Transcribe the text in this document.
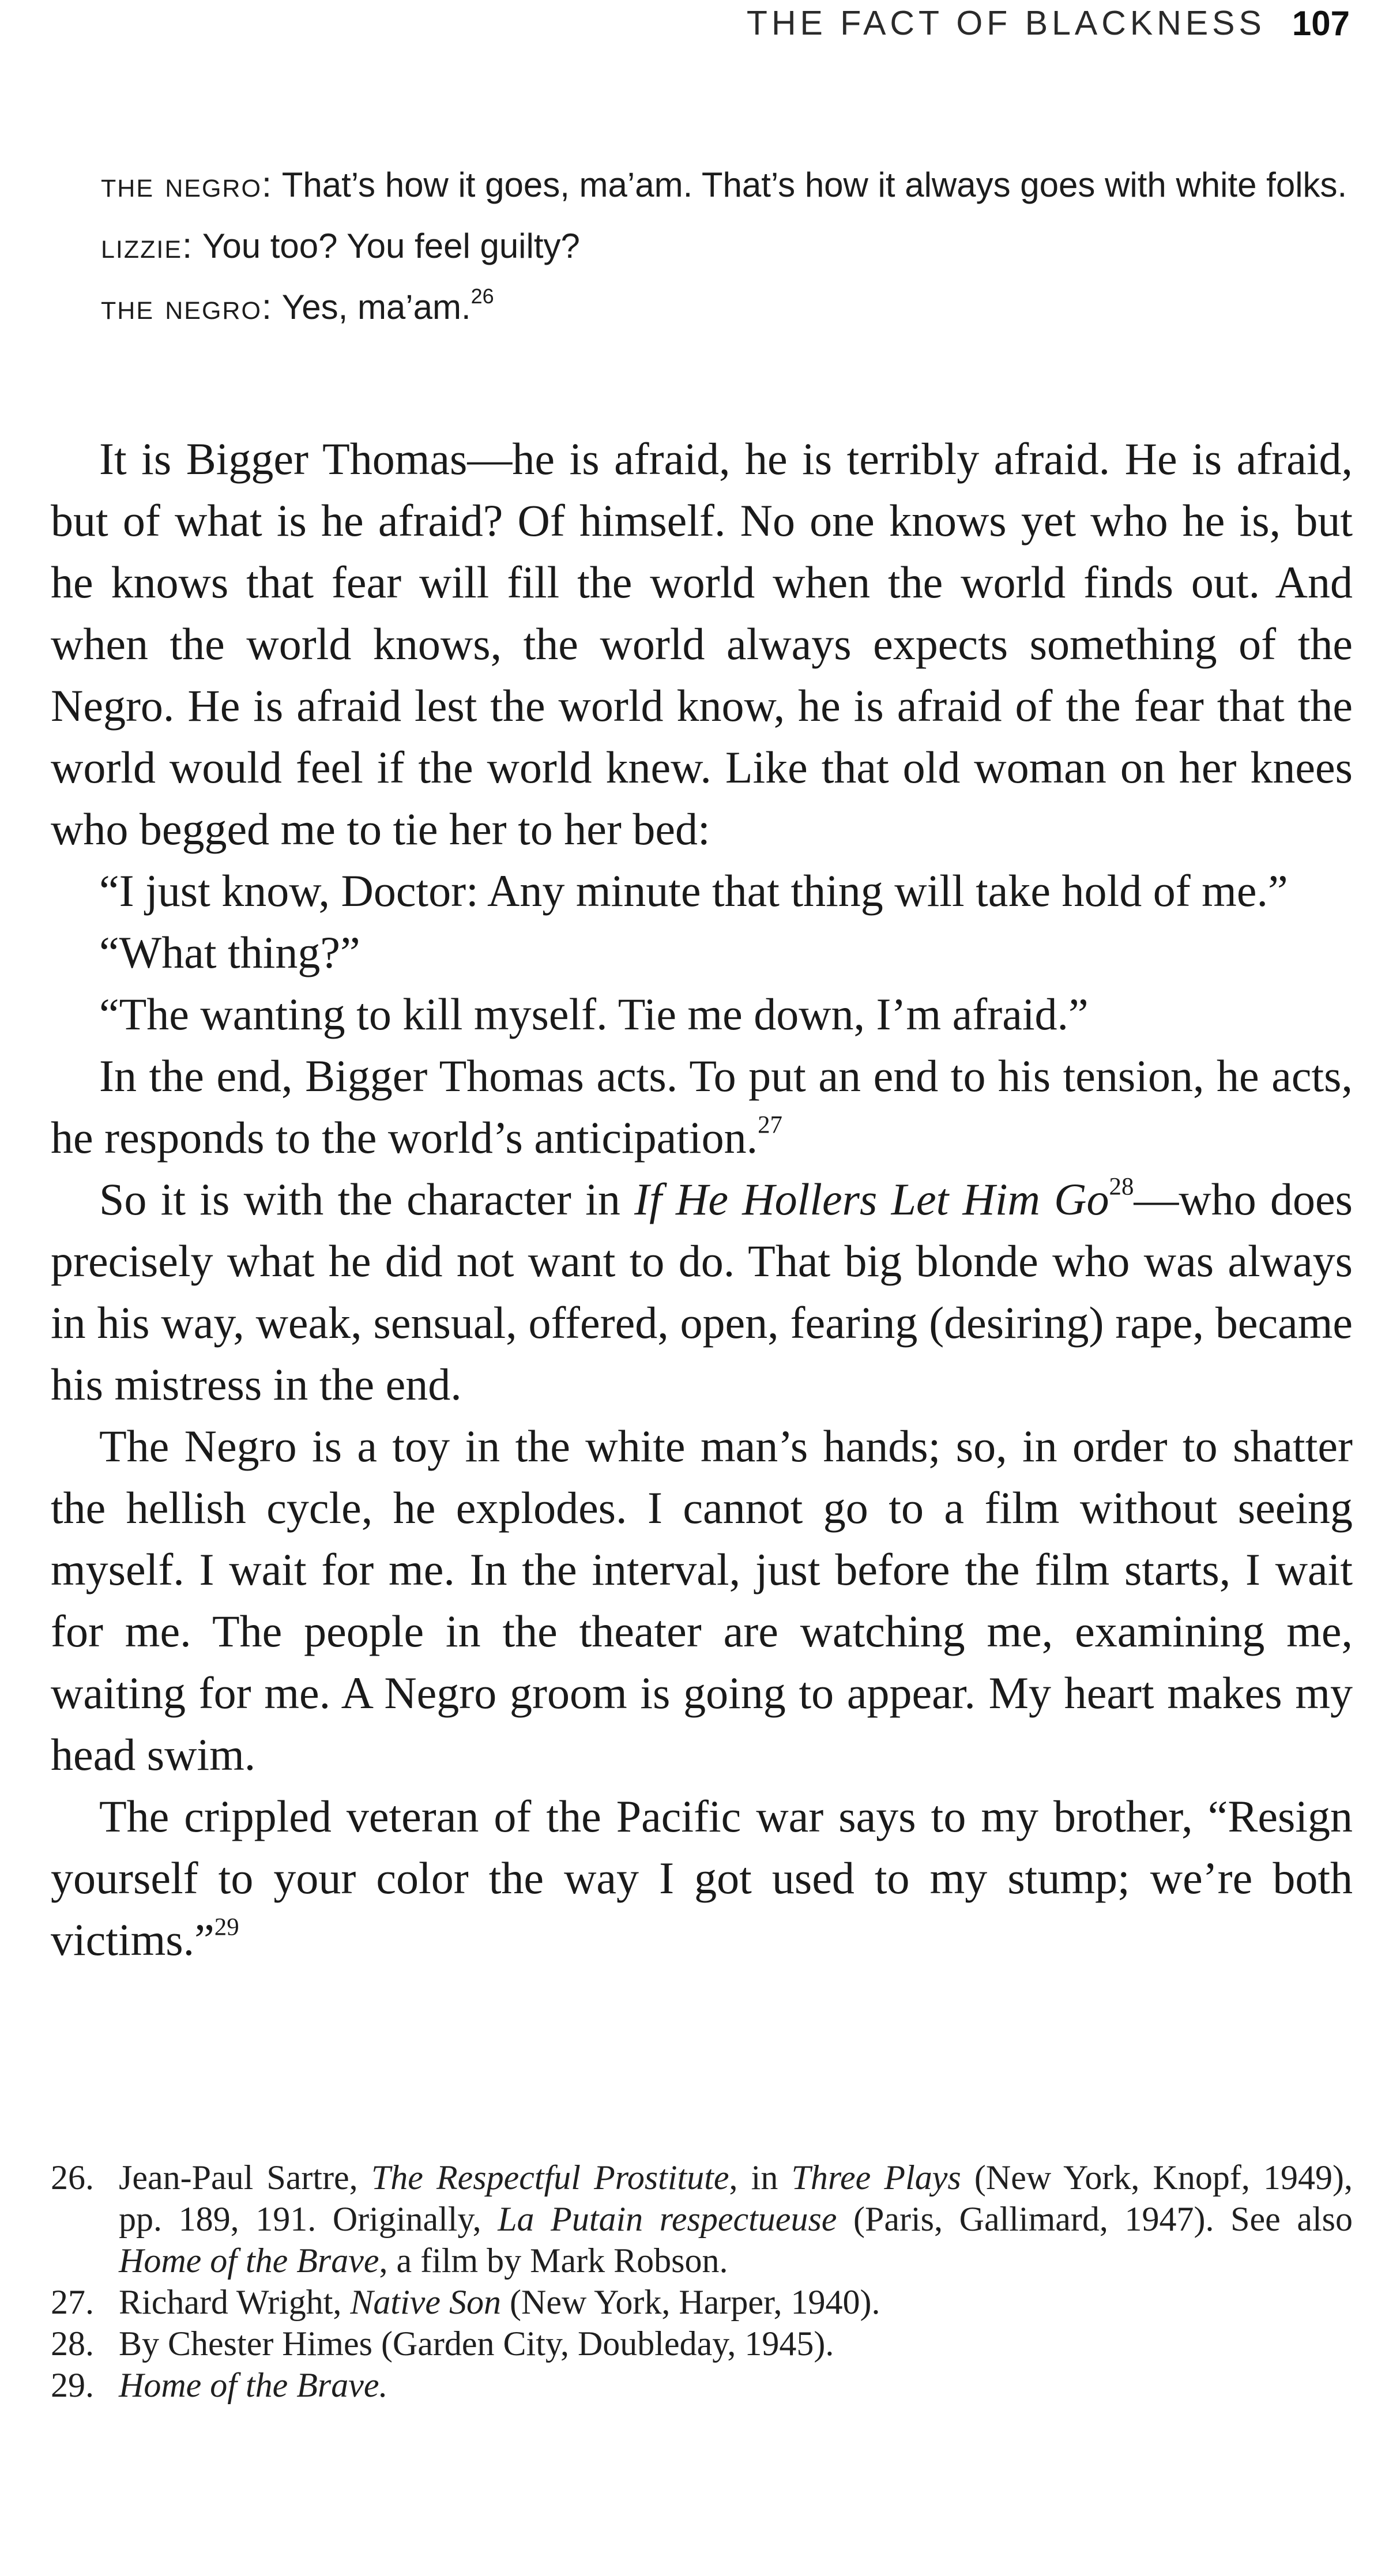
THE FACT OF BLACKNESS 107

the negro: That’s how it goes, ma’am. That’s how it always goes with white folks.

lizzie: You too? You feel guilty?

the negro: Yes, ma’am.$^{26}$

It is Bigger Thomas—he is afraid, he is terribly afraid. He is afraid, but of what is he afraid? Of himself. No one knows yet who he is, but he knows that fear will fill the world when the world finds out. And when the world knows, the world always expects something of the Negro. He is afraid lest the world know, he is afraid of the fear that the world would feel if the world knew. Like that old woman on her knees who begged me to tie her to her bed:

“I just know, Doctor: Any minute that thing will take hold of me.”

“What thing?”

“The wanting to kill myself. Tie me down, I’m afraid.”

In the end, Bigger Thomas acts. To put an end to his tension, he acts, he responds to the world’s anticipation.$^{27}$

So it is with the character in If He Hollers Let Him Go$^{28}$—who does precisely what he did not want to do. That big blonde who was always in his way, weak, sensual, offered, open, fearing (desiring) rape, became his mistress in the end.

The Negro is a toy in the white man’s hands; so, in order to shatter the hellish cycle, he explodes. I cannot go to a film without seeing myself. I wait for me. In the interval, just before the film starts, I wait for me. The people in the theater are watching me, examining me, waiting for me. A Negro groom is going to appear. My heart makes my head swim.

The crippled veteran of the Pacific war says to my brother, “Resign yourself to your color the way I got used to my stump; we’re both victims.”$^{29}$

26. Jean-Paul Sartre, The Respectful Prostitute, in Three Plays (New York, Knopf, 1949), pp. 189, 191. Originally, La Putain respectueuse (Paris, Gallimard, 1947). See also Home of the Brave, a film by Mark Robson.
27. Richard Wright, Native Son (New York, Harper, 1940).
28. By Chester Himes (Garden City, Doubleday, 1945).
29. Home of the Brave.
